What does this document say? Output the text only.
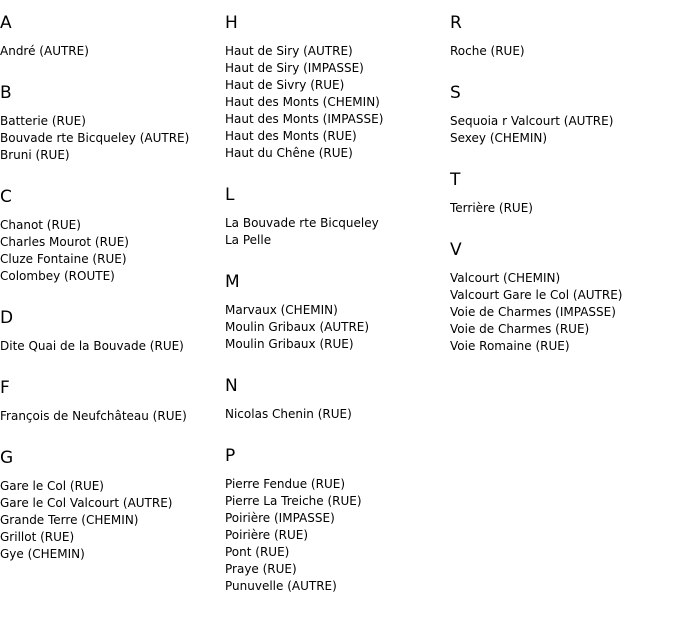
A
André (AUTRE)
B
Batterie (RUE)
Bouvade rte Bicqueley (AUTRE)
Bruni (RUE)
C
Chanot (RUE)
Charles Mourot (RUE)
Cluze Fontaine (RUE)
Colombey (ROUTE)
D
Dite Quai de la Bouvade (RUE)
F
François de Neufchâteau (RUE)
G
Gare le Col (RUE)
Gare le Col Valcourt (AUTRE)
Grande Terre (CHEMIN)
Grillot (RUE)
Gye (CHEMIN)
H
Haut de Siry (AUTRE)
Haut de Siry (IMPASSE)
Haut de Sivry (RUE)
Haut des Monts (CHEMIN)
Haut des Monts (IMPASSE)
Haut des Monts (RUE)
Haut du Chêne (RUE)
L
La Bouvade rte Bicqueley
La Pelle
M
Marvaux (CHEMIN)
Moulin Gribaux (AUTRE)
Moulin Gribaux (RUE)
N
Nicolas Chenin (RUE)
P
Pierre Fendue (RUE)
Pierre La Treiche (RUE)
Poirière (IMPASSE)
Poirière (RUE)
Pont (RUE)
Praye (RUE)
Punuvelle (AUTRE)
R
Roche (RUE)
S
Sequoia r Valcourt (AUTRE)
Sexey (CHEMIN)
T
Terrière (RUE)
V
Valcourt (CHEMIN)
Valcourt Gare le Col (AUTRE)
Voie de Charmes (IMPASSE)
Voie de Charmes (RUE)
Voie Romaine (RUE)
